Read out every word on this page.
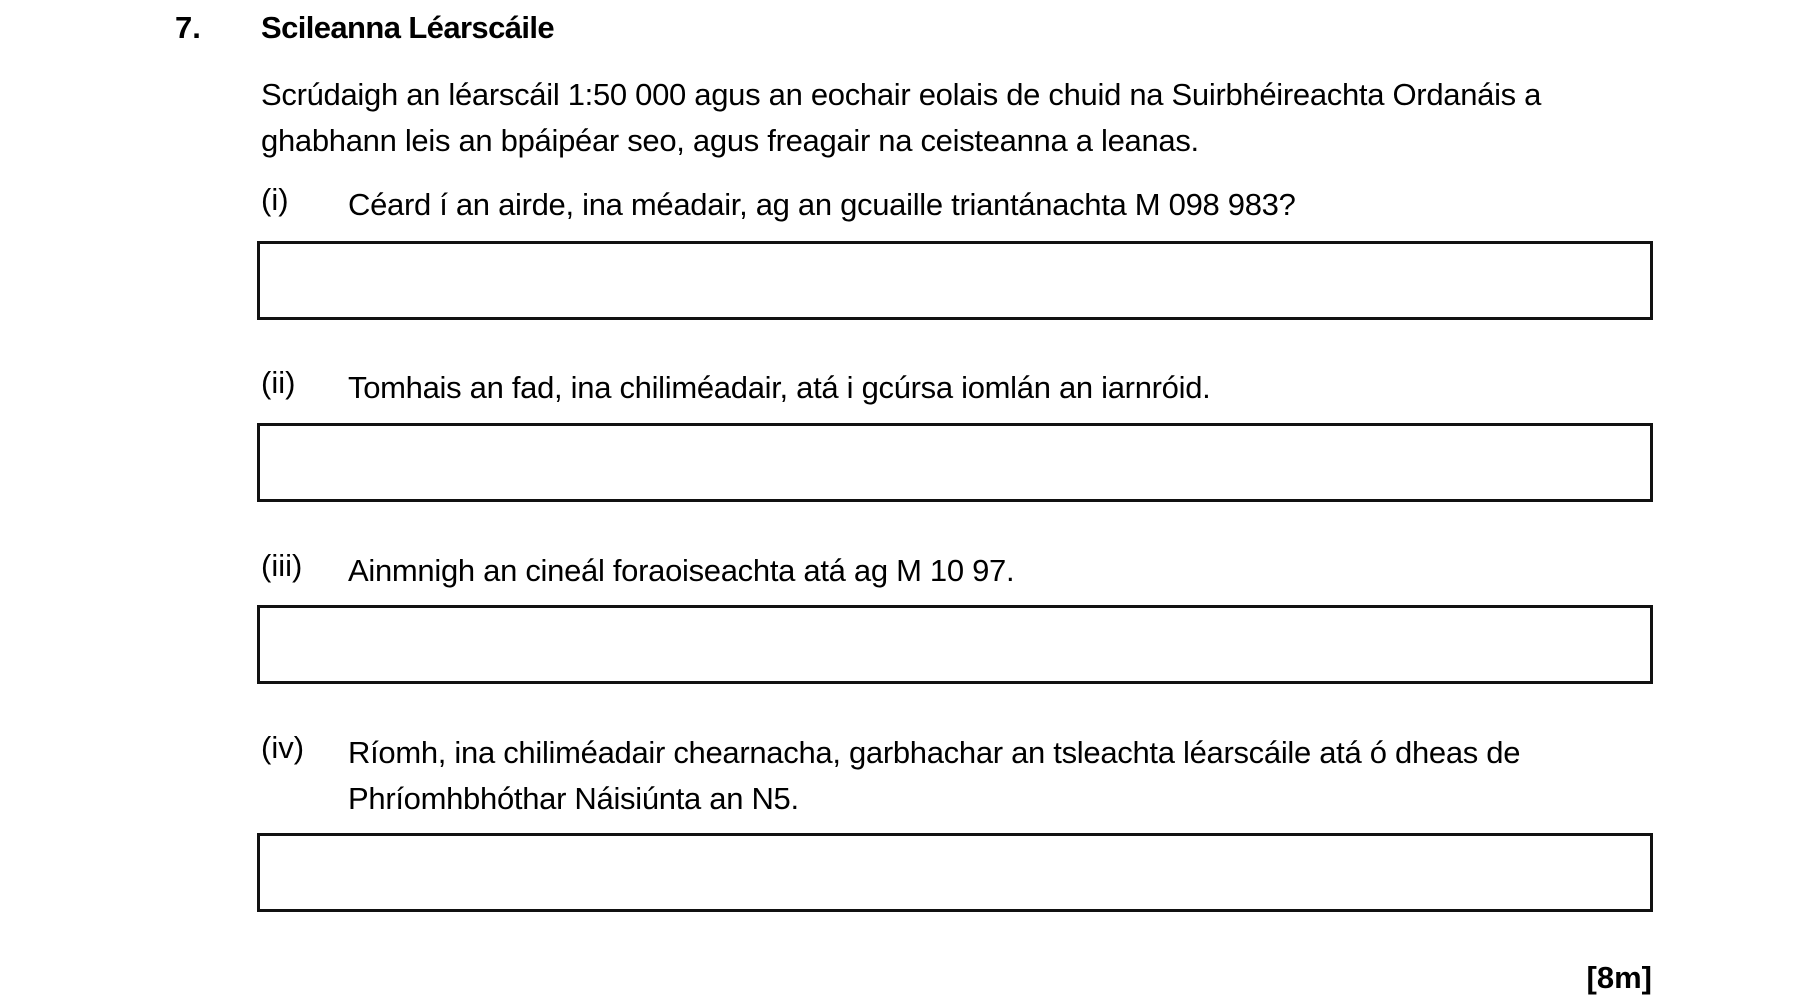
7. Scileanna Léarscáile
Scrúdaigh an léarscáil 1:50 000 agus an eochair eolais de chuid na Suirbhéireachta Ordanáis a ghabhann leis an bpáipéar seo, agus freagair na ceisteanna a leanas.
(i) Céard í an airde, ina méadair, ag an gcuaille triantánachta M 098 983?
(ii) Tomhais an fad, ina chiliméadair, atá i gcúrsa iomlán an iarnróid.
(iii) Ainmnigh an cineál foraoiseachta atá ag M 10 97.
(iv) Ríomh, ina chiliméadair chearnacha, garbhachar an tsleachta léarscáile atá ó dheas de Phríomhbhóthar Náisiúnta an N5.
[8m]
